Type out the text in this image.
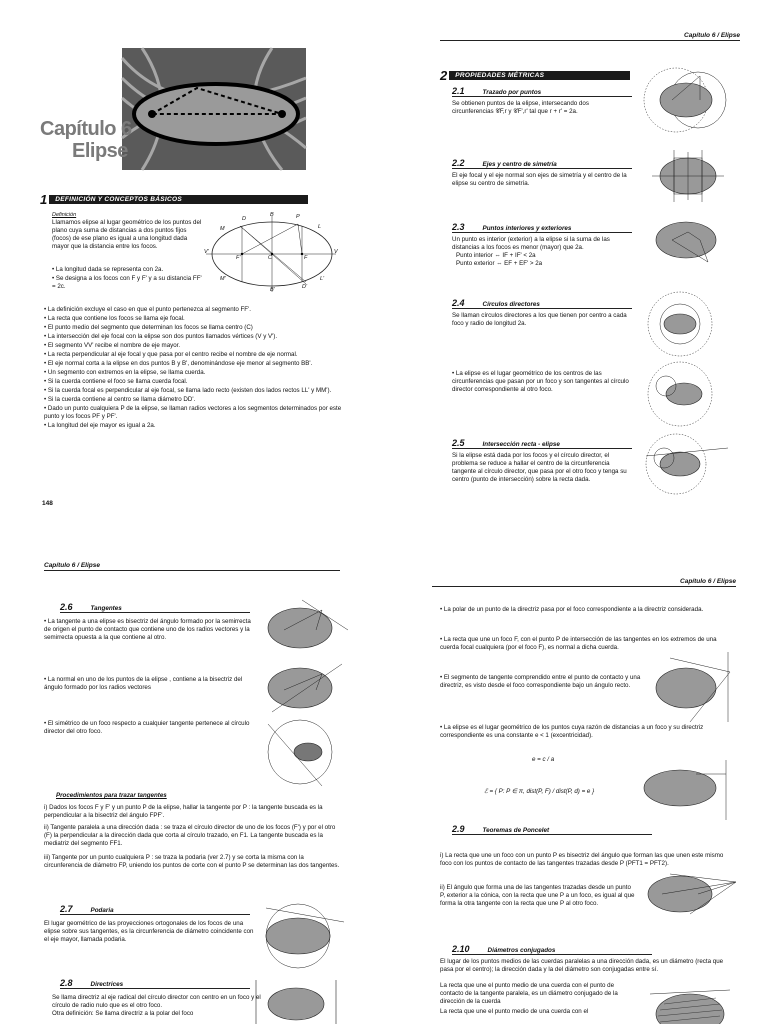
Capítulo 6
Elipse
1	DEFINICIÓN Y CONCEPTOS BÁSICOS
Definición
Llamamos elipse al lugar geométrico de los puntos del plano cuya suma de distancias a dos puntos fijos (focos) de ese plano es igual a una longitud dada mayor que la distancia entre los focos.
D
B	P
L
M
V'
F'	C	F
V
M'	L'
B'	D'
• La longitud dada se representa con 2a.
• Se designa a los focos con F y F' y a su distancia FF' = 2c.
• La definición excluye el caso en que el punto pertenezca al segmento FF'.
• La recta que contiene los focos se llama eje focal.
• El punto medio del segmento que determinan los focos se llama centro (C)
• La intersección del eje focal con la elipse son dos puntos llamados vértices (V y V').
• El segmento VV' recibe el nombre de eje mayor.
• La recta perpendicular al eje focal y que pasa por el centro recibe el nombre de eje normal.
• El eje normal corta a la elipse en dos puntos B y B', denominándose eje menor al segmento BB'.
• Un segmento con extremos en la elipse, se llama cuerda.
• Si la cuerda contiene el foco se llama cuerda focal.
• Si la cuerda focal es perpendicular al eje focal, se llama lado recto (existen dos lados rectos LL' y MM').
• Si la cuerda contiene al centro se llama diámetro DD'.
• Dado un punto cualquiera P de la elipse, se llaman radios vectores a los segmentos determinados por este punto y los focos PF y PF'.
• La longitud del eje mayor es igual a 2a.
148
Capítulo 6 / Elipse
2	PROPIEDADES MÉTRICAS
2.1	Trazado por puntos
Se obtienen puntos de la elipse, intersecando dos circunferencias 𝒞F,r y 𝒞F',r' tal que r + r' = 2a.
2.2	Ejes y centro de simetría
El eje focal y el eje normal son ejes de simetría y el centro de la elipse su centro de simetría.
2.3	Puntos interiores y exteriores
Un punto es interior (exterior) a la elipse si la suma de las distancias a los focos es menor (mayor) que 2a.
Punto interior ⇔ IF + IF' < 2a
Punto exterior ⇔ EF + EF' > 2a
2.4	Círculos directores
Se llaman círculos directores a los que tienen por centro a cada foco y radio de longitud 2a.
• La elipse es el lugar geométrico de los centros de las circunferencias que pasan por un foco y son tangentes al círculo director correspondiente al otro foco.
2.5	Intersección recta - elipse
Si la elipse está dada por los focos y el círculo director, el problema se reduce a hallar el centro de la circunferencia tangente al círculo director, que pasa por el otro foco y tenga su centro (punto de intersección) sobre la recta dada.
Capítulo 6 / Elipse
2.6	Tangentes
• La tangente a una elipse es bisectriz del ángulo formado por la semirrecta de origen el punto de contacto que contiene uno de los radios vectores y la semirrecta opuesta a la que contiene al otro.
• La normal en uno de los puntos de la elipse , contiene a la bisectriz del ángulo formado por los radios vectores
• El simétrico de un foco respecto a cualquier tangente pertenece al círculo director del otro foco.
Procedimientos para trazar tangentes
i) Dados los focos F y F' y un punto P de la elipse, hallar la tangente por P : la tangente buscada es la perpendicular a la bisectriz del ángulo FPF'.
ii) Tangente paralela a una dirección dada : se traza el círculo director de uno de los focos (F') y por el otro (F) la perpendicular a la dirección dada que corta al círculo trazado, en F1. La tangente buscada es la mediatriz del segmento FF1.
iii) Tangente por un punto cualquiera P : se traza la podaria (ver 2.7) y se corta la misma con la circunferencia de diámetro FP, uniendo los puntos de corte con el punto P se determinan las dos tangentes.
2.7	Podaria
El lugar geométrico de las proyecciones ortogonales de los focos de una elipse sobre sus tangentes, es la circunferencia de diámetro coincidente con el eje mayor, llamada podaria.
2.8	Directrices
Se llama directriz al eje radical del círculo director con centro en un foco y el círculo de radio nulo que es el otro foco.
Otra definición: Se llama directriz a la polar del foco
Capítulo 6 / Elipse
• La polar de un punto de la directriz pasa por el foco correspondiente a la directriz considerada.
• La recta que une un foco F, con el punto P de intersección de las tangentes en los extremos de una cuerda focal cualquiera (por el foco F), es normal a dicha cuerda.
• El segmento de tangente comprendido entre el punto de contacto y una directriz, es visto desde el foco correspondiente bajo un ángulo recto.
• La elipse es el lugar geométrico de los puntos cuya razón de distancias a un foco y su directriz correspondiente es una constante e < 1 (excentricidad).
e = c / a
ℰ = { P: P ∈ π, dist(P, F) / dist(P, d) = e }
2.9	Teoremas de Poncelet
i) La recta que une un foco con un punto P es bisectriz del ángulo que forman las que unen este mismo foco con los puntos de contacto de las tangentes trazadas desde P (PFT1 = PFT2).
ii) El ángulo que forma una de las tangentes trazadas desde un punto P, exterior a la cónica, con la recta que une P a un foco, es igual al que forma la otra tangente con la recta que une P al otro foco.
2.10	Diámetros conjugados
El lugar de los puntos medios de las cuerdas paralelas a una dirección dada, es un diámetro (recta que pasa por el centro); la dirección dada y la del diámetro son conjugadas entre sí.
La recta que une el punto medio de una cuerda con el punto de contacto de la tangente paralela, es un diámetro conjugado de la dirección de la cuerda
La recta que une el punto medio de una cuerda con el
